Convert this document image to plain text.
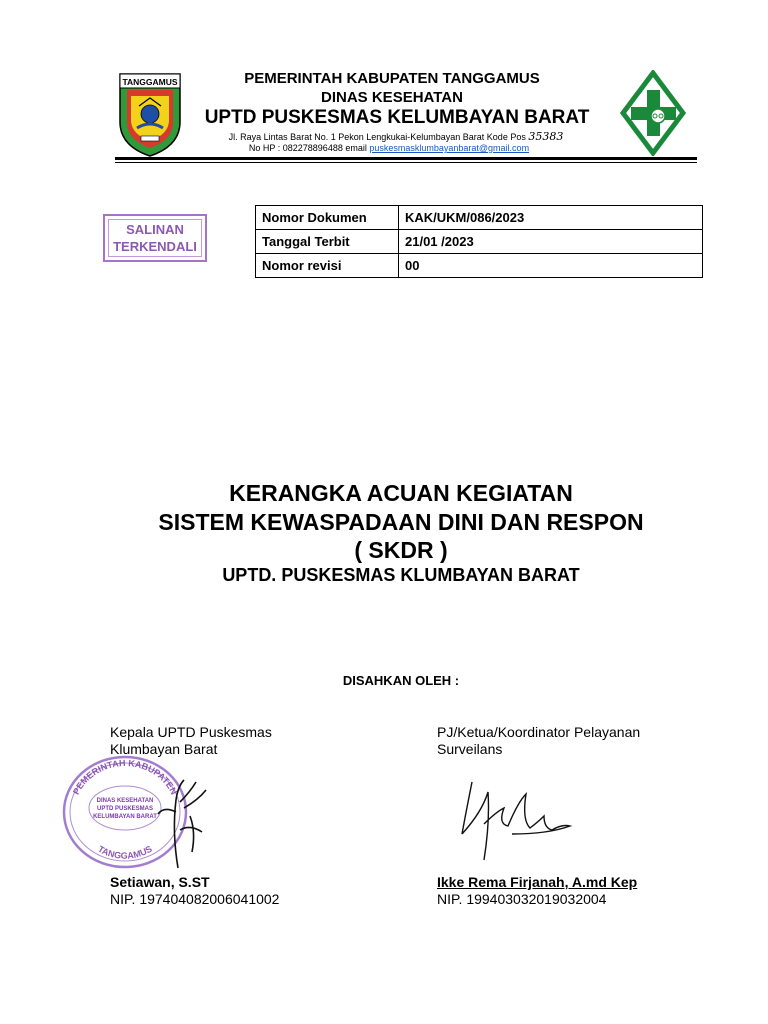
TANGGAMUS	PEMERINTAH KABUPATEN TANGGAMUS
DINAS KESEHATAN
UPTD PUSKESMAS KELUMBAYAN BARAT
Jl. Raya Lintas Barat No. 1 Pekon Lengkukai-Kelumbayan Barat Kode Pos 35383
No HP : 082278896488 email puskesmasklumbayanbarat@gmail.com
SALINAN
TERKENDALI
Nomor Dokumen	KAK/UKM/086/2023
Tanggal Terbit	21/01 /2023
Nomor revisi	00
KERANGKA ACUAN KEGIATAN
SISTEM KEWASPADAAN DINI DAN RESPON
( SKDR )
UPTD. PUSKESMAS KLUMBAYAN BARAT
DISAHKAN OLEH :
Kepala UPTD Puskesmas
Klumbayan Barat
PEMERINTAH KABUPATEN
TANGGAMUS
DINAS KESEHATAN
UPTD PUSKESMAS
KELUMBAYAN BARAT
Setiawan, S.ST
NIP. 197404082006041002
PJ/Ketua/Koordinator Pelayanan
Surveilans
Ikke Rema Firjanah, A.md Kep
NIP. 199403032019032004
